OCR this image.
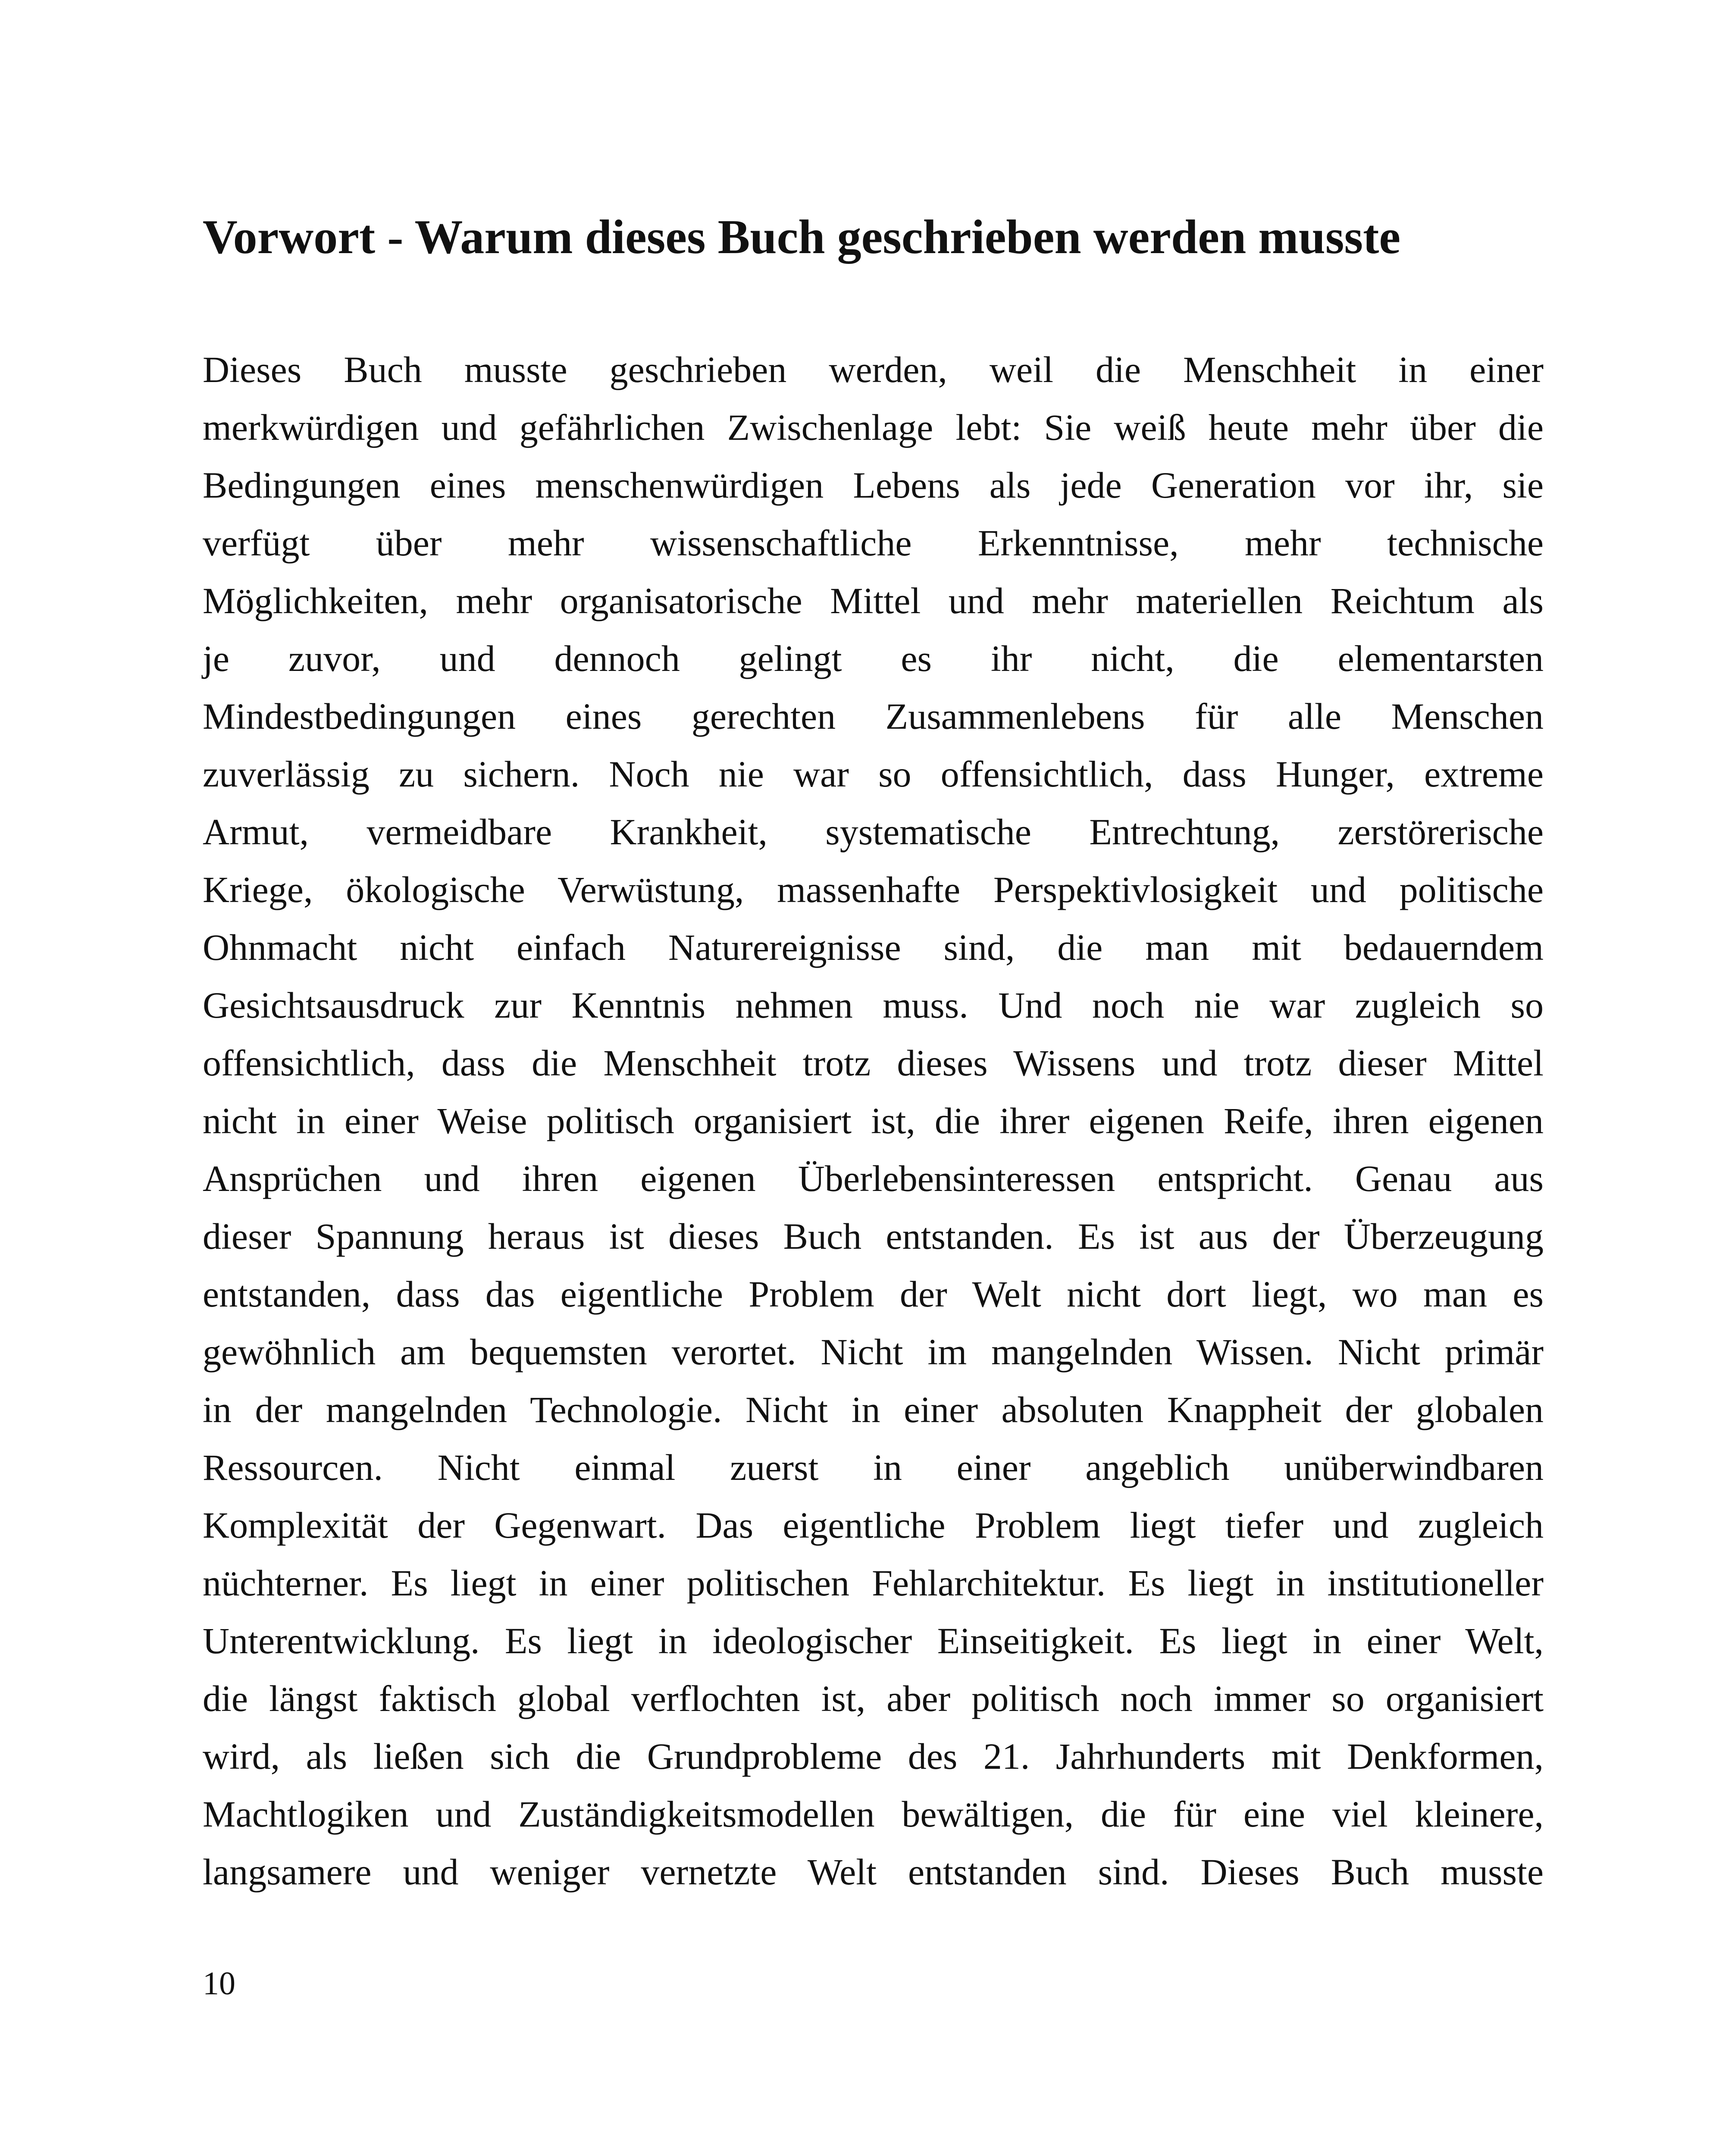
Vorwort - Warum dieses Buch geschrieben werden musste
Dieses Buch musste geschrieben werden, weil die Menschheit in einer
merkwürdigen und gefährlichen Zwischenlage lebt: Sie weiß heute mehr über die
Bedingungen eines menschenwürdigen Lebens als jede Generation vor ihr, sie
verfügt über mehr wissenschaftliche Erkenntnisse, mehr technische
Möglichkeiten, mehr organisatorische Mittel und mehr materiellen Reichtum als
je zuvor, und dennoch gelingt es ihr nicht, die elementarsten
Mindestbedingungen eines gerechten Zusammenlebens für alle Menschen
zuverlässig zu sichern. Noch nie war so offensichtlich, dass Hunger, extreme
Armut, vermeidbare Krankheit, systematische Entrechtung, zerstörerische
Kriege, ökologische Verwüstung, massenhafte Perspektivlosigkeit und politische
Ohnmacht nicht einfach Naturereignisse sind, die man mit bedauerndem
Gesichtsausdruck zur Kenntnis nehmen muss. Und noch nie war zugleich so
offensichtlich, dass die Menschheit trotz dieses Wissens und trotz dieser Mittel
nicht in einer Weise politisch organisiert ist, die ihrer eigenen Reife, ihren eigenen
Ansprüchen und ihren eigenen Überlebensinteressen entspricht. Genau aus
dieser Spannung heraus ist dieses Buch entstanden. Es ist aus der Überzeugung
entstanden, dass das eigentliche Problem der Welt nicht dort liegt, wo man es
gewöhnlich am bequemsten verortet. Nicht im mangelnden Wissen. Nicht primär
in der mangelnden Technologie. Nicht in einer absoluten Knappheit der globalen
Ressourcen. Nicht einmal zuerst in einer angeblich unüberwindbaren
Komplexität der Gegenwart. Das eigentliche Problem liegt tiefer und zugleich
nüchterner. Es liegt in einer politischen Fehlarchitektur. Es liegt in institutioneller
Unterentwicklung. Es liegt in ideologischer Einseitigkeit. Es liegt in einer Welt,
die längst faktisch global verflochten ist, aber politisch noch immer so organisiert
wird, als ließen sich die Grundprobleme des 21. Jahrhunderts mit Denkformen,
Machtlogiken und Zuständigkeitsmodellen bewältigen, die für eine viel kleinere,
langsamere und weniger vernetzte Welt entstanden sind. Dieses Buch musste
10
